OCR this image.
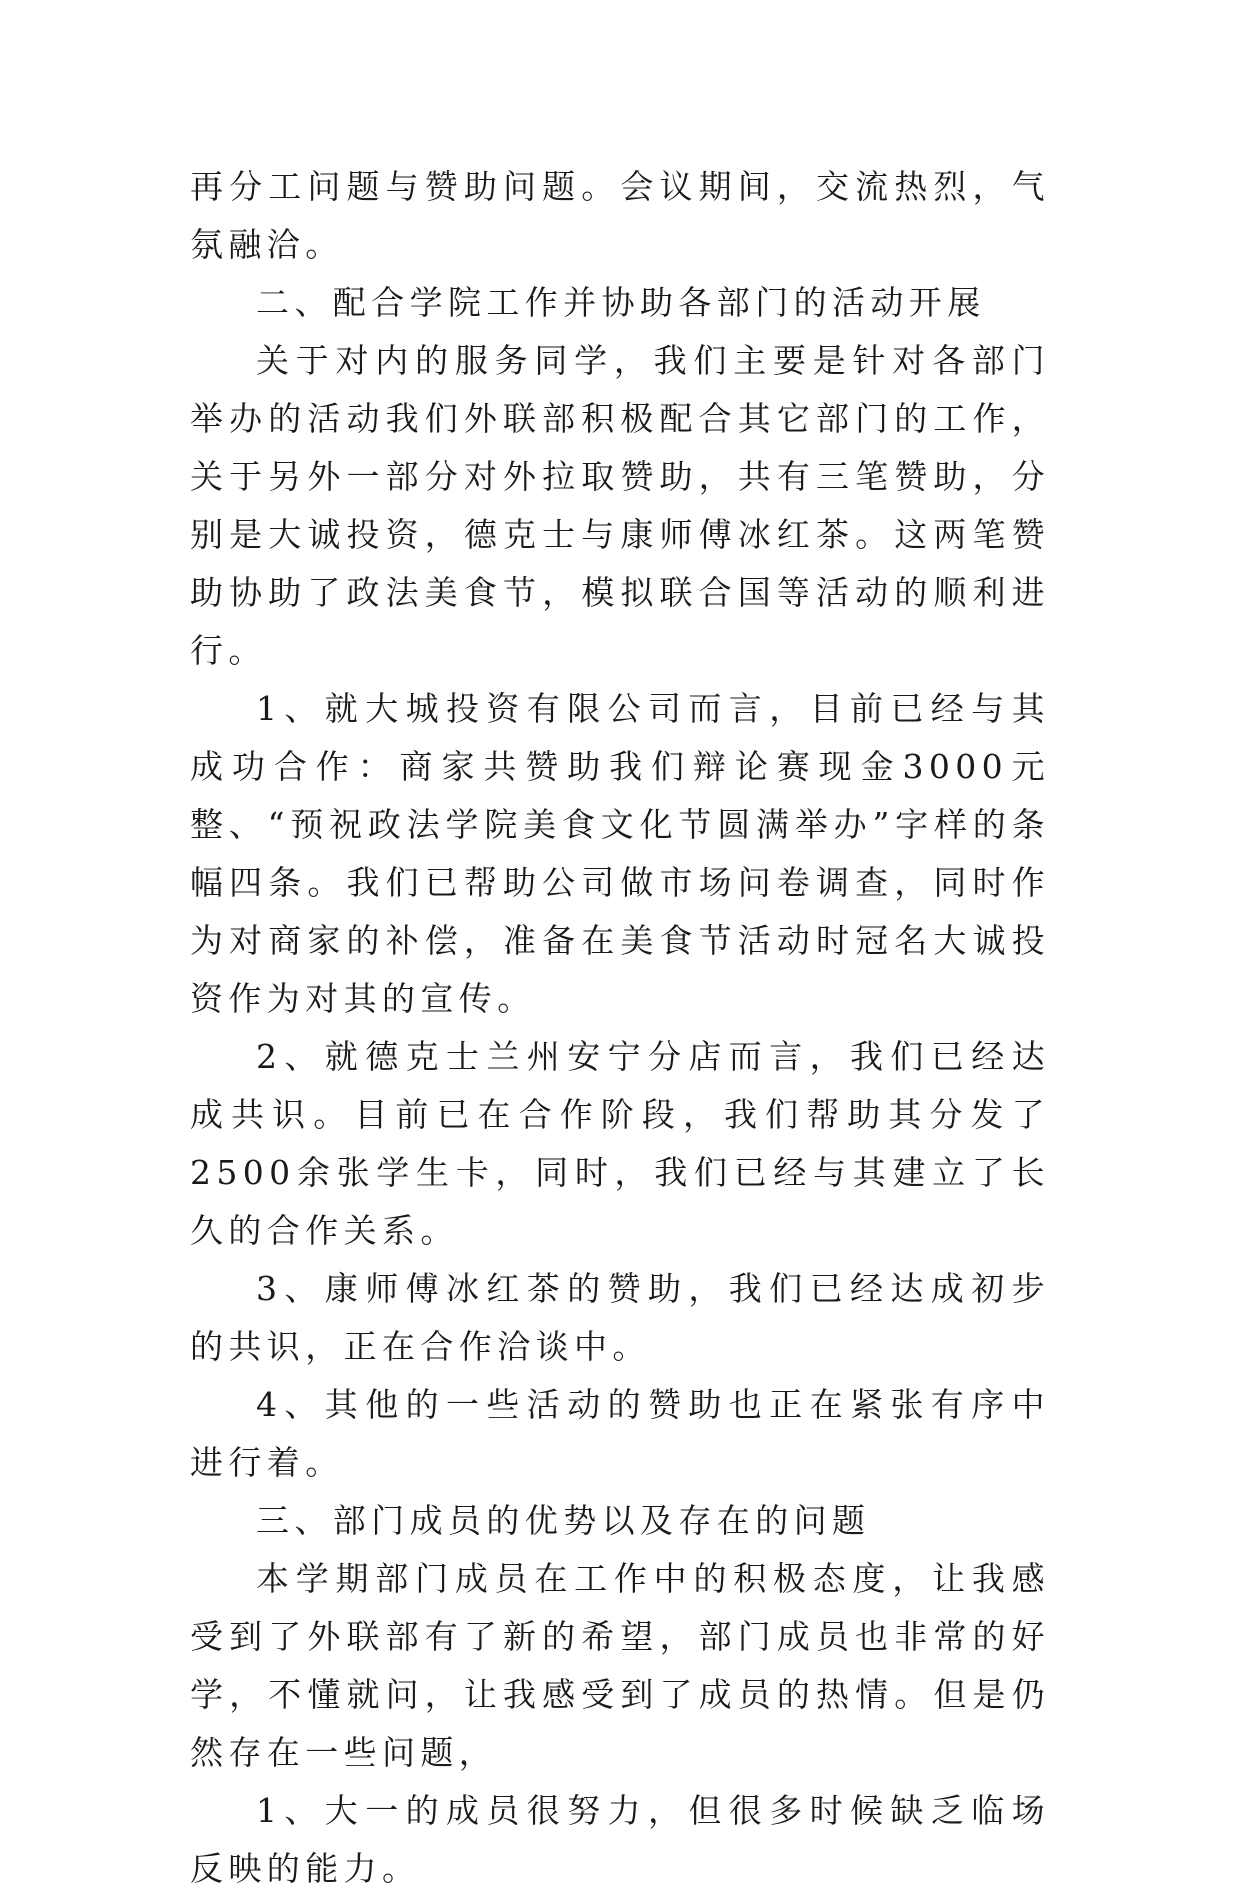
再分工问题与赞助问题。会议期间，交流热烈，气氛融洽。

二、配合学院工作并协助各部门的活动开展

关于对内的服务同学，我们主要是针对各部门举办的活动我们外联部积极配合其它部门的工作，关于另外一部分对外拉取赞助，共有三笔赞助，分别是大诚投资，德克士与康师傅冰红茶。这两笔赞助协助了政法美食节，模拟联合国等活动的顺利进行。

1、就大城投资有限公司而言，目前已经与其成功合作：商家共赞助我们辩论赛现金3000元整、“预祝政法学院美食文化节圆满举办”字样的条幅四条。我们已帮助公司做市场问卷调查，同时作为对商家的补偿，准备在美食节活动时冠名大诚投资作为对其的宣传。

2、就德克士兰州安宁分店而言，我们已经达成共识。目前已在合作阶段，我们帮助其分发了2500余张学生卡，同时，我们已经与其建立了长久的合作关系。

3、康师傅冰红茶的赞助，我们已经达成初步的共识，正在合作洽谈中。

4、其他的一些活动的赞助也正在紧张有序中进行着。

三、部门成员的优势以及存在的问题

本学期部门成员在工作中的积极态度，让我感受到了外联部有了新的希望，部门成员也非常的好学，不懂就问，让我感受到了成员的热情。但是仍然存在一些问题，

1、大一的成员很努力，但很多时候缺乏临场反映的能力。
